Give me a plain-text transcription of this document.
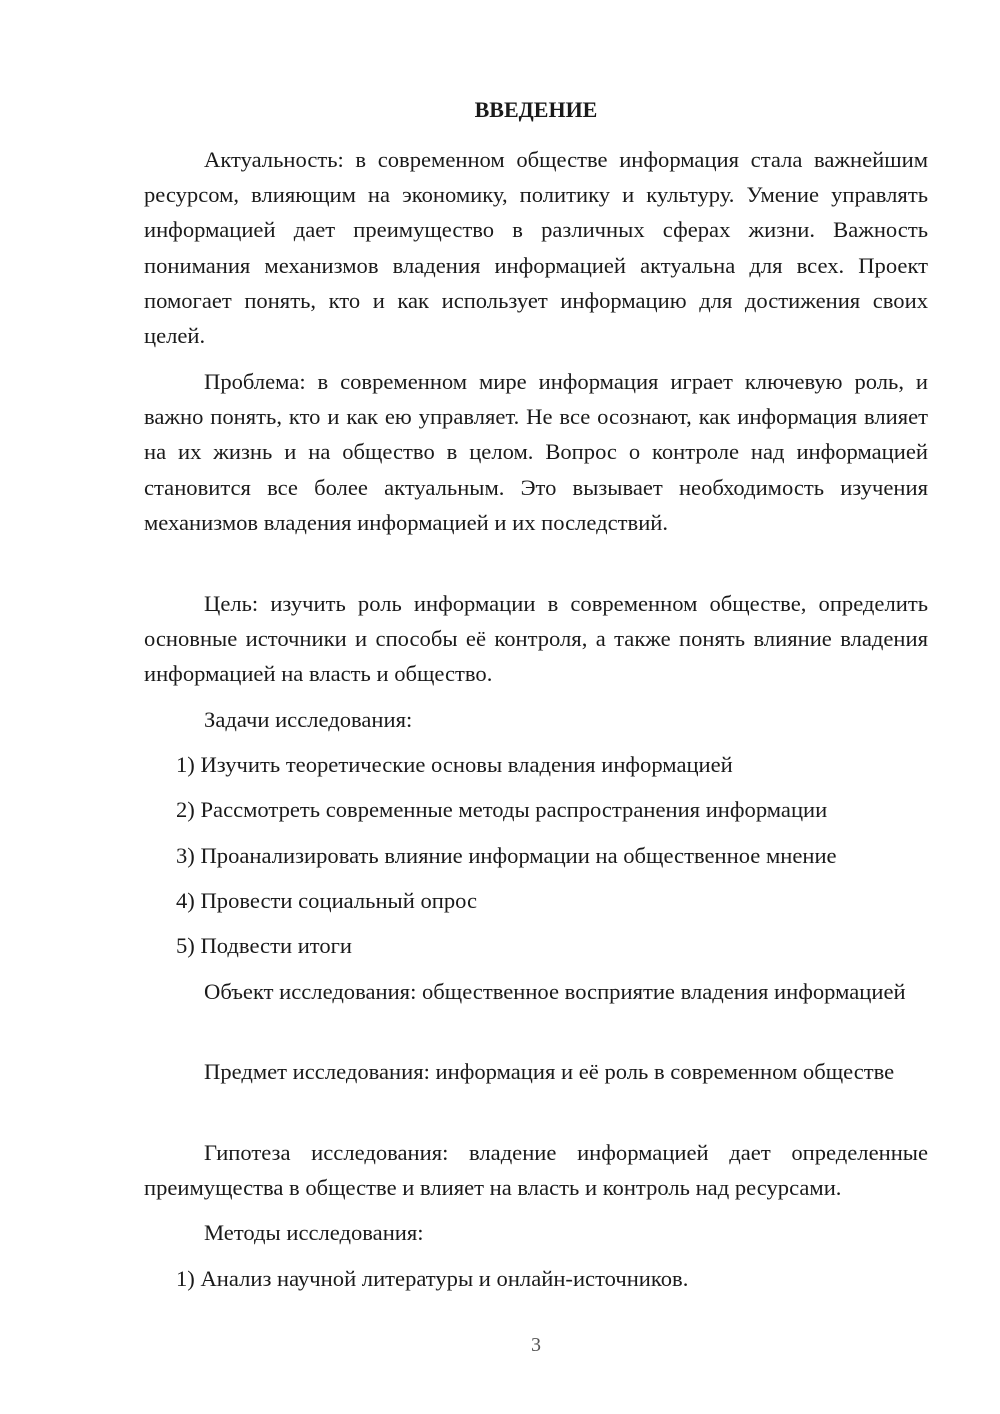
ВВЕДЕНИЕ

Актуальность: в современном обществе информация стала важнейшим ресурсом, влияющим на экономику, политику и культуру. Умение управлять информацией дает преимущество в различных сферах жизни. Важность понимания механизмов владения информацией актуальна для всех. Проект помогает понять, кто и как использует информацию для достижения своих целей.

Проблема: в современном мире информация играет ключевую роль, и важно понять, кто и как ею управляет. Не все осознают, как информация влияет на их жизнь и на общество в целом. Вопрос о контроле над информацией становится все более актуальным. Это вызывает необходимость изучения механизмов владения информацией и их последствий.

Цель: изучить роль информации в современном обществе, определить основные источники и способы её контроля, а также понять влияние владения информацией на власть и общество.

Задачи исследования:

1) Изучить теоретические основы владения информацией

2) Рассмотреть современные методы распространения информации

3) Проанализировать влияние информации на общественное мнение

4) Провести социальный опрос

5) Подвести итоги

Объект исследования: общественное восприятие владения информацией

Предмет исследования: информация и её роль в современном обществе

Гипотеза исследования: владение информацией дает определенные преимущества в обществе и влияет на власть и контроль над ресурсами.

Методы исследования:

1) Анализ научной литературы и онлайн-источников.

3
